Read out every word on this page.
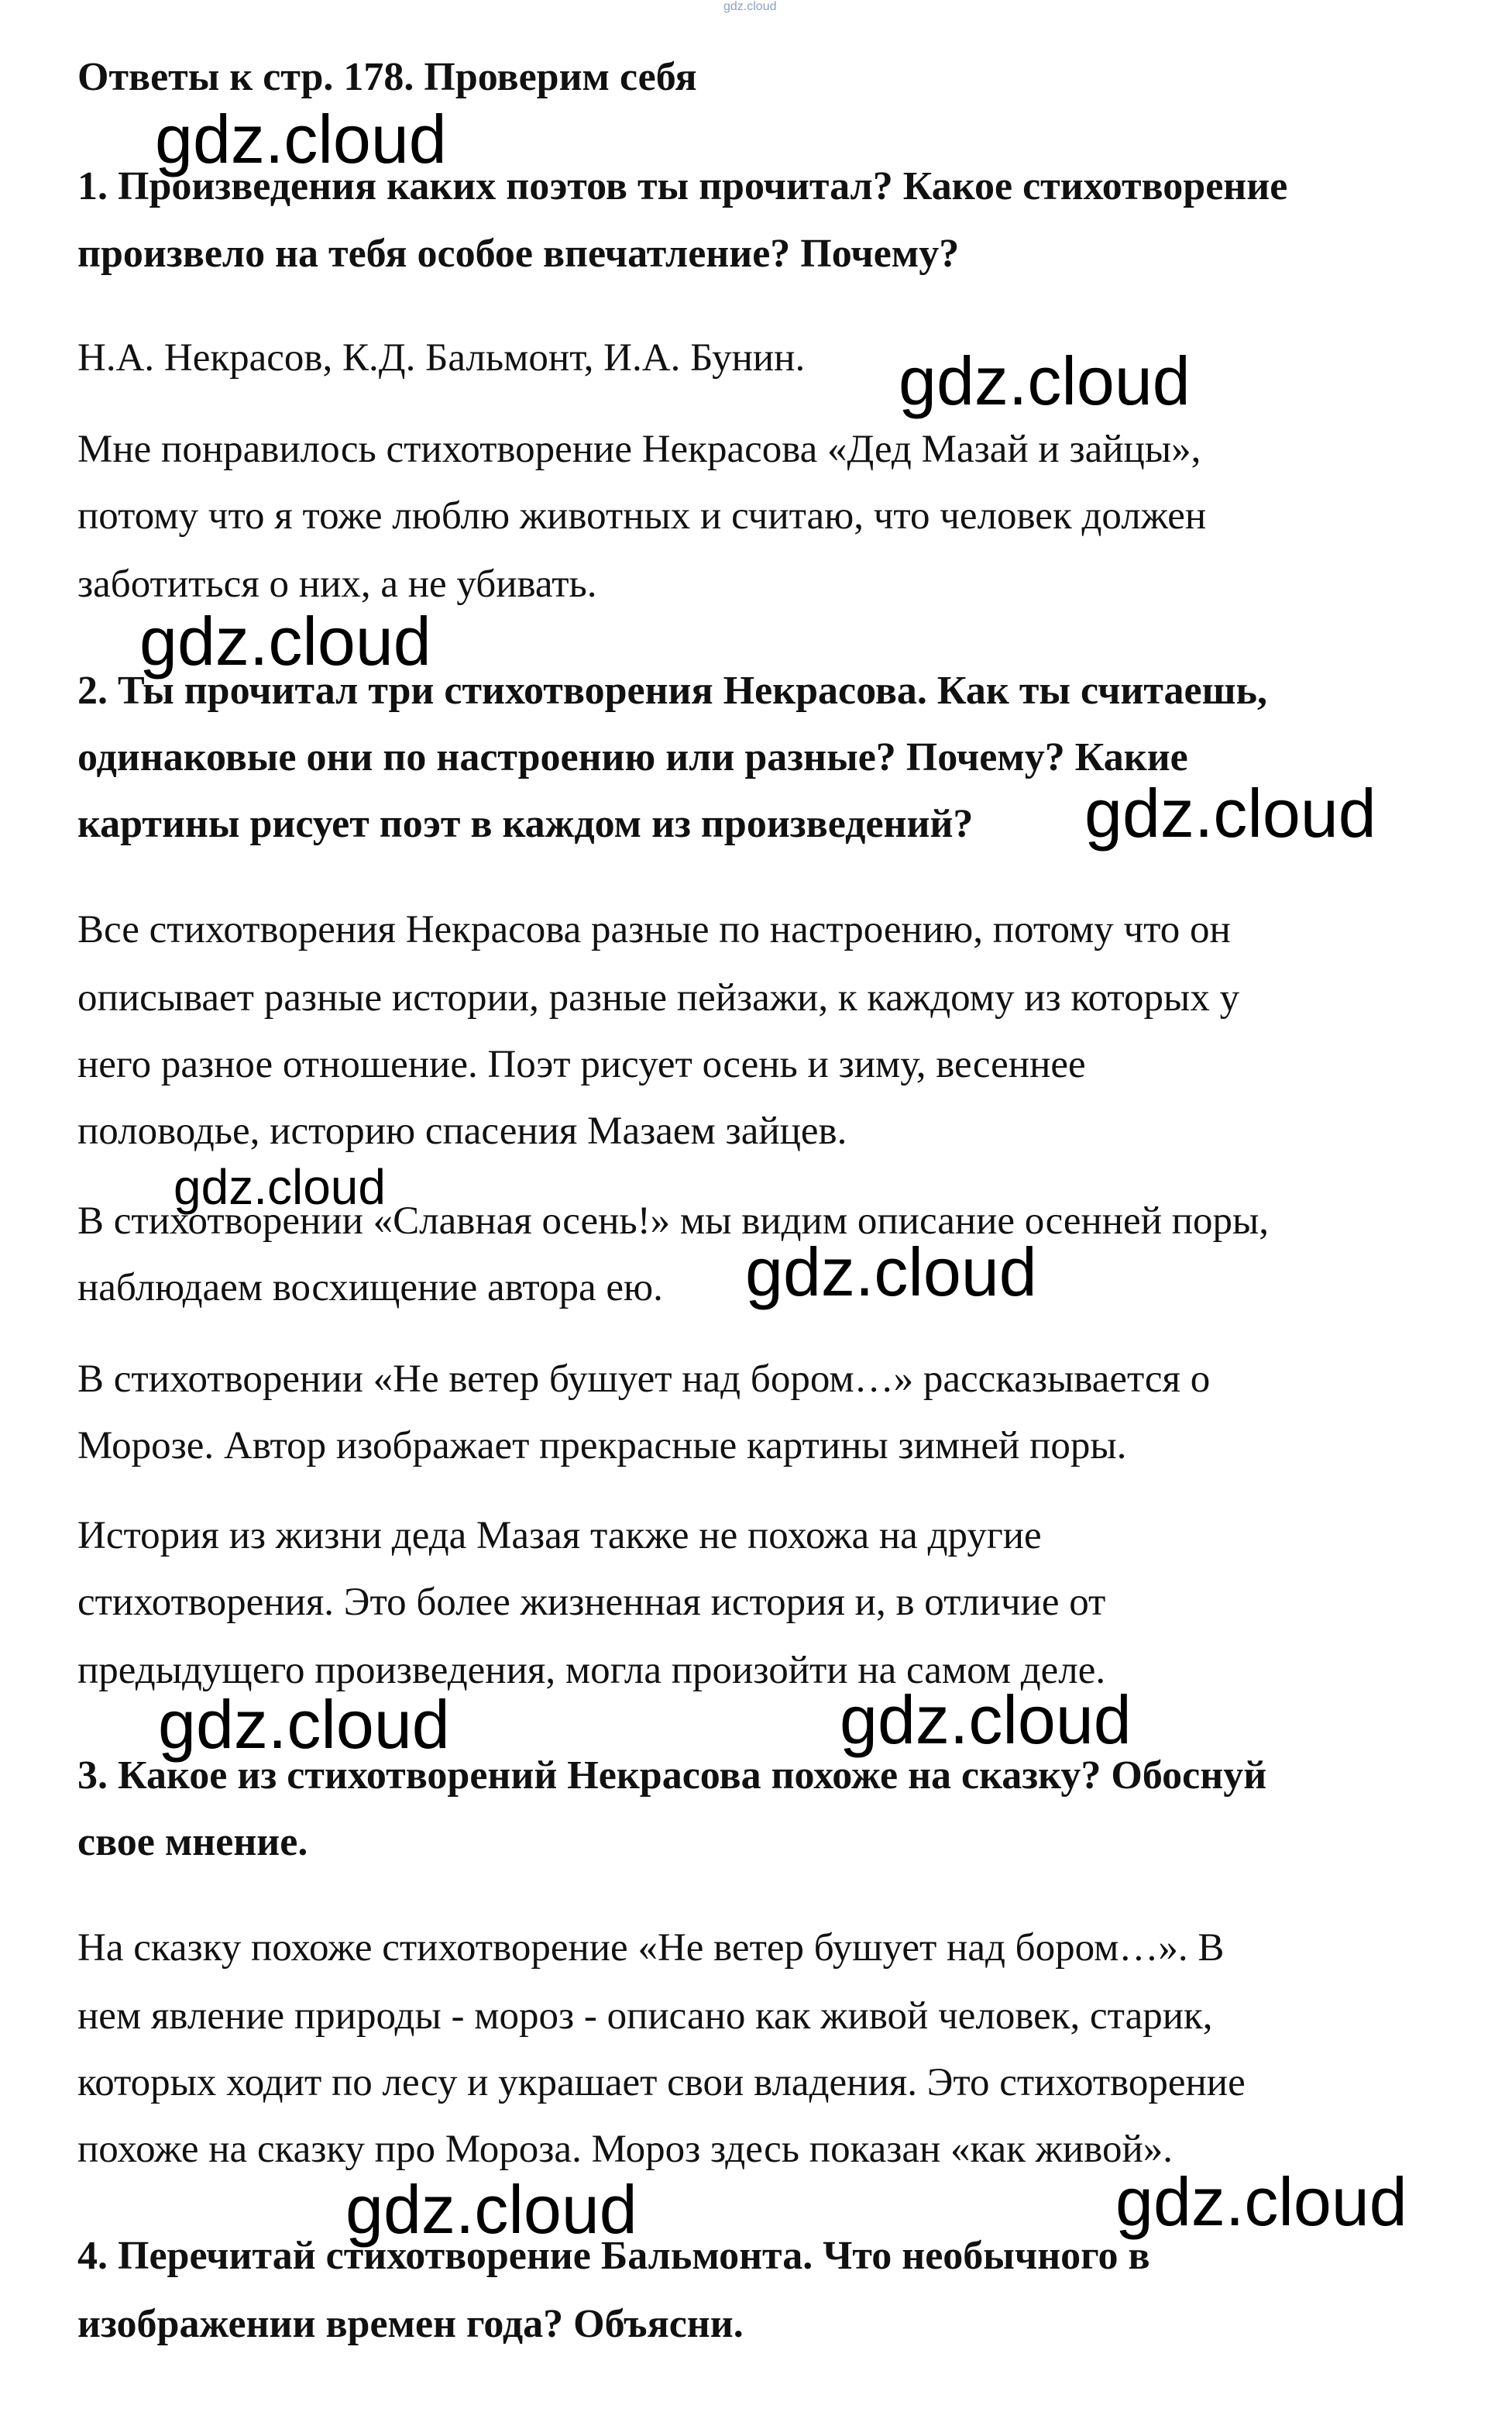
gdz.cloud
Ответы к стр. 178. Проверим себя
1. Произведения каких поэтов ты прочитал? Какое стихотворение
произвело на тебя особое впечатление? Почему?
Н.А. Некрасов, К.Д. Бальмонт, И.А. Бунин.
Мне понравилось стихотворение Некрасова «Дед Мазай и зайцы»,
потому что я тоже люблю животных и считаю, что человек должен
заботиться о них, а не убивать.
2. Ты прочитал три стихотворения Некрасова. Как ты считаешь,
одинаковые они по настроению или разные? Почему? Какие
картины рисует поэт в каждом из произведений?
Все стихотворения Некрасова разные по настроению, потому что он
описывает разные истории, разные пейзажи, к каждому из которых у
него разное отношение. Поэт рисует осень и зиму, весеннее
половодье, историю спасения Мазаем зайцев.
В стихотворении «Славная осень!» мы видим описание осенней поры,
наблюдаем восхищение автора ею.
В стихотворении «Не ветер бушует над бором…» рассказывается о
Морозе. Автор изображает прекрасные картины зимней поры.
История из жизни деда Мазая также не похожа на другие
стихотворения. Это более жизненная история и, в отличие от
предыдущего произведения, могла произойти на самом деле.
3. Какое из стихотворений Некрасова похоже на сказку? Обоснуй
свое мнение.
На сказку похоже стихотворение «Не ветер бушует над бором…». В
нем явление природы - мороз - описано как живой человек, старик,
которых ходит по лесу и украшает свои владения. Это стихотворение
похоже на сказку про Мороза. Мороз здесь показан «как живой».
4. Перечитай стихотворение Бальмонта. Что необычного в
изображении времен года? Объясни.
gdz.cloud
gdz.cloud
gdz.cloud
gdz.cloud
gdz.cloud
gdz.cloud
gdz.cloud	gdz.cloud
gdz.cloud	gdz.cloud
